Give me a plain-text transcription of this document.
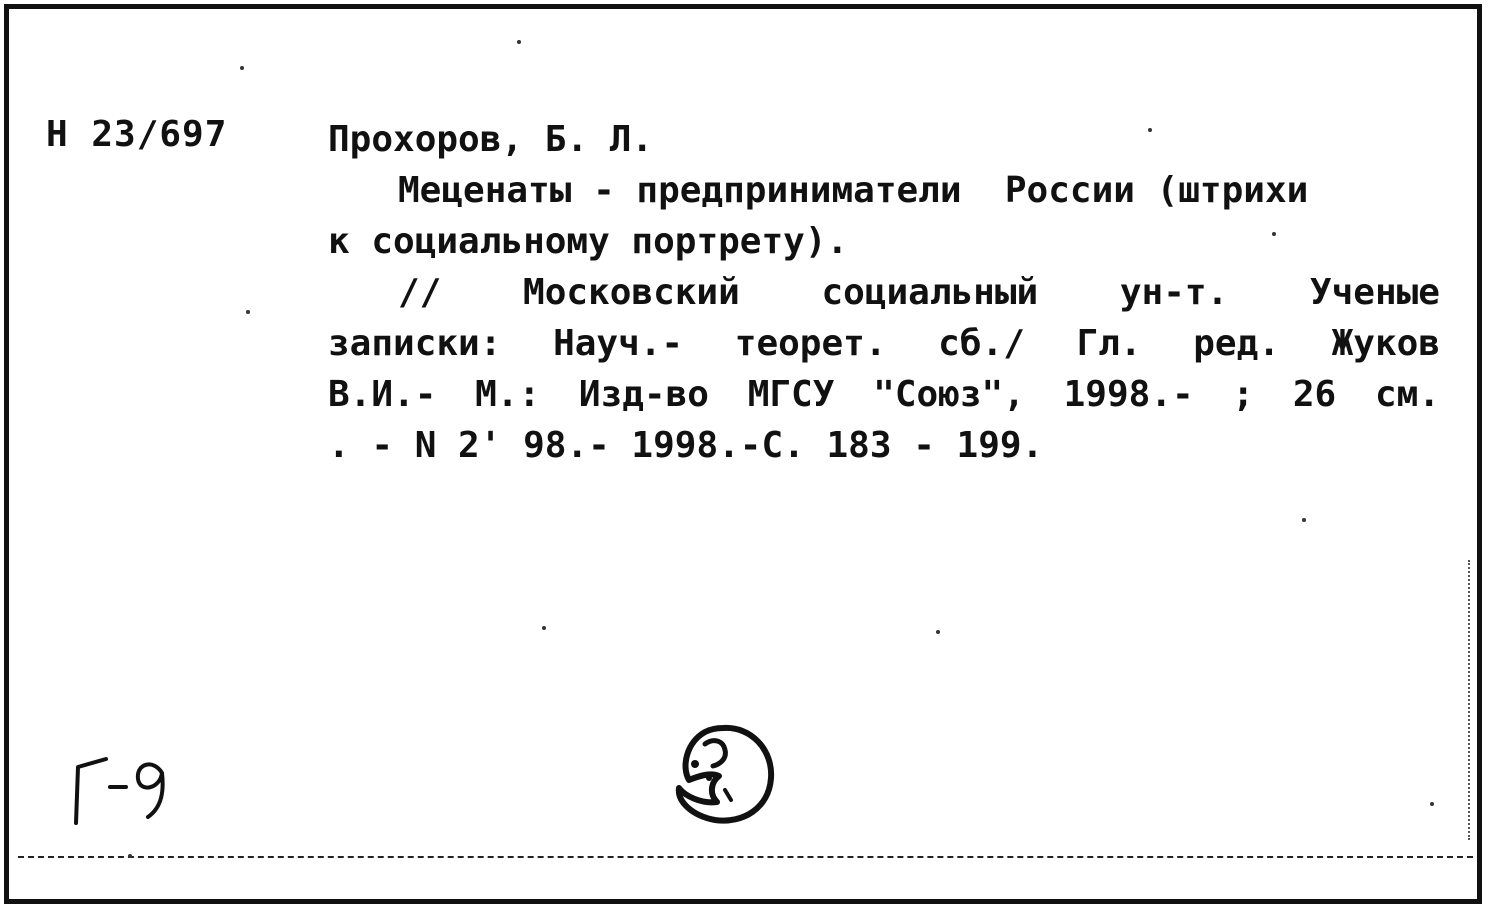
Н 23/697	Прохоров, Б. Л.
Меценаты - предприниматели  России (штрихи
к социальному портрету).
// Московский социальный ун-т. Ученые
записки: Науч.- теорет. сб./ Гл. ред. Жуков
В.И.- М.: Изд-во МГСУ "Союз", 1998.- ; 26 см.
. - N 2' 98.- 1998.-С. 183 - 199.
